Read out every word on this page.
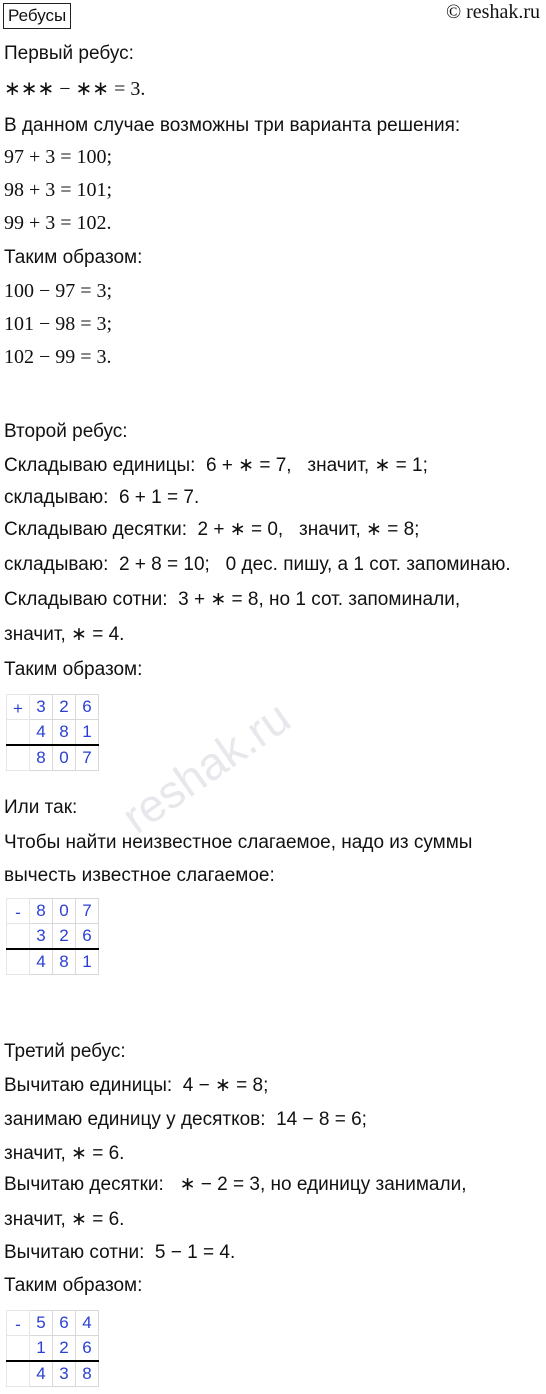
Ребусы	© reshak.ru
reshak.ru
Первый ребус:
∗∗∗ − ∗∗ = 3.
В данном случае возможны три варианта решения:
97 + 3 = 100;
98 + 3 = 101;
99 + 3 = 102.
Таким образом:
100 − 97 = 3;
101 − 98 = 3;
102 − 99 = 3.
Второй ребус:
Складываю единицы:  6 + ∗ = 7,   значит, ∗ = 1;
складываю:  6 + 1 = 7.
Складываю десятки:  2 + ∗ = 0,   значит, ∗ = 8;
складываю:  2 + 8 = 10;   0 дес. пишу, а 1 сот. запоминаю.
Складываю сотни:  3 + ∗ = 8, но 1 сот. запоминали,
значит, ∗ = 4.
Таким образом:
Или так:
Чтобы найти неизвестное слагаемое, надо из суммы
вычесть известное слагаемое:
Третий ребус:
Вычитаю единицы:  4 − ∗ = 8;
занимаю единицу у десятков:  14 − 8 = 6;
значит, ∗ = 6.
Вычитаю десятки:   ∗ − 2 = 3, но единицу занимали,
значит, ∗ = 6.
Вычитаю сотни:  5 − 1 = 4.
Таким образом:
+	3	2	6
	4	8	1
	8	0	7
-	8	0	7
	3	2	6
	4	8	1
-	5	6	4
	1	2	6
	4	3	8
